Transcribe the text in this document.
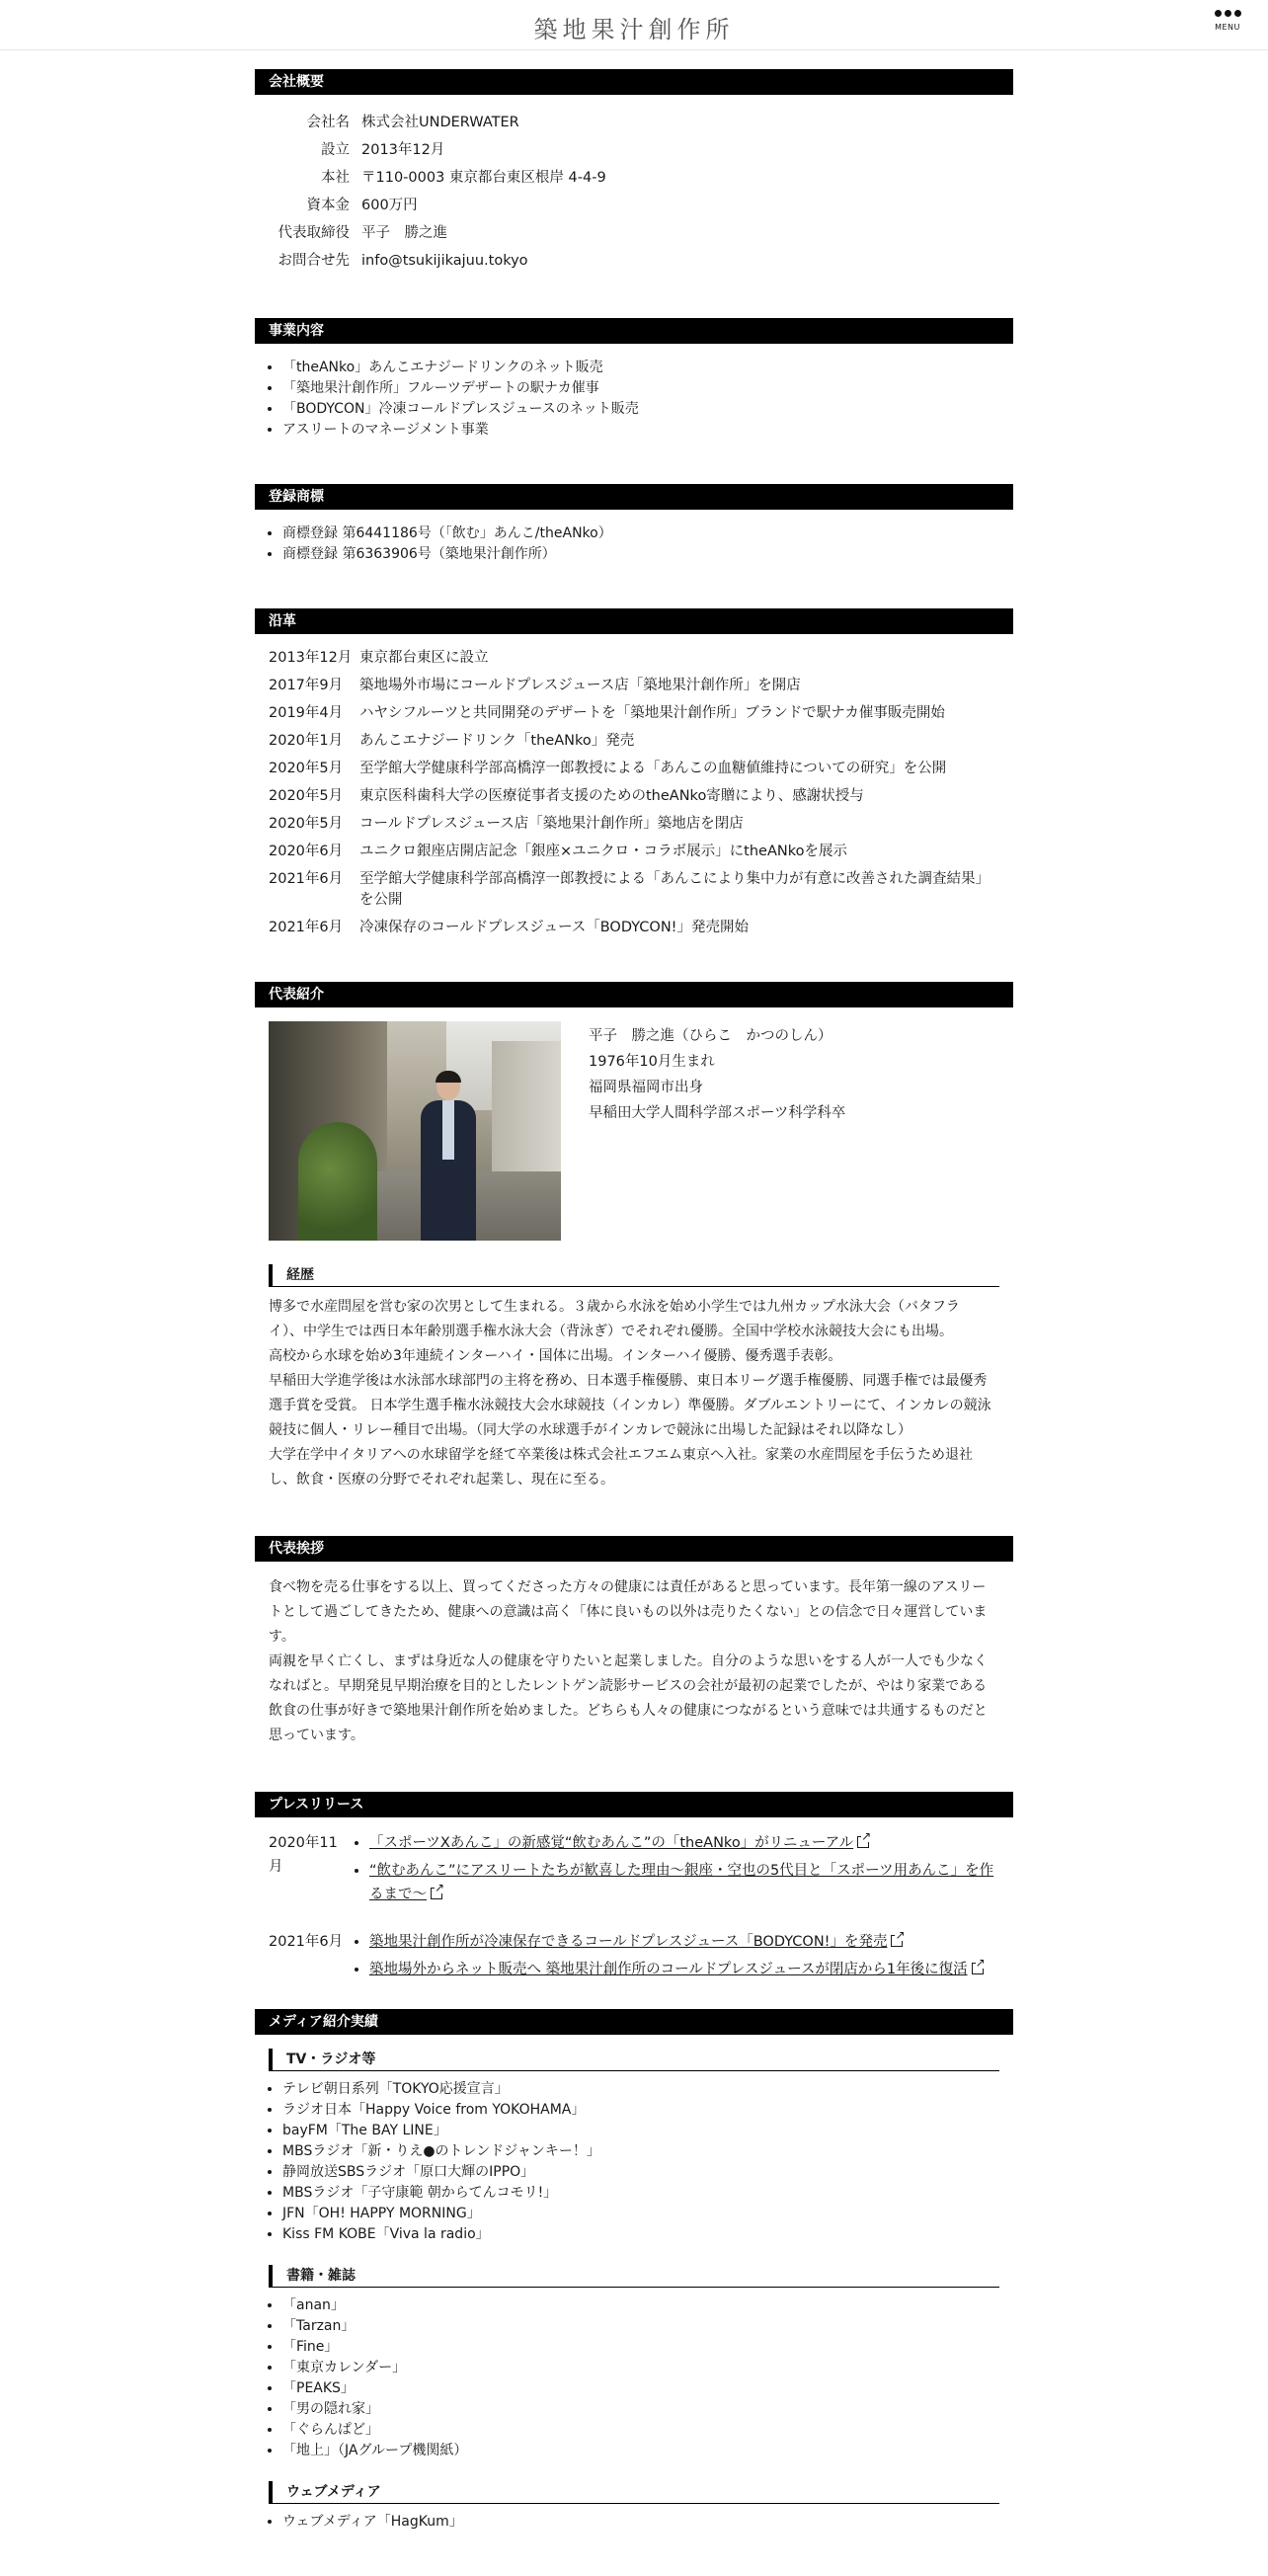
築地果汁創作所	MENU
会社概要
会社名 株式会社UNDERWATER
設立 2013年12月
本社 〒110-0003 東京都台東区根岸 4-4-9
資本金 600万円
代表取締役 平子　勝之進
お問合せ先 info@tsukijikajuu.tokyo
事業内容
• 「theANko」あんこエナジードリンクのネット販売
• 「築地果汁創作所」フルーツデザートの駅ナカ催事
• 「BODYCON」冷凍コールドプレスジュースのネット販売
• アスリートのマネージメント事業
登録商標
• 商標登録 第6441186号（「飲む」あんこ/theANko）
• 商標登録 第6363906号（築地果汁創作所）
沿革
2013年12月 東京都台東区に設立
2017年9月	築地場外市場にコールドプレスジュース店「築地果汁創作所」を開店
2019年4月	ハヤシフルーツと共同開発のデザートを「築地果汁創作所」ブランドで駅ナカ催事販売開始
2020年1月	あんこエナジードリンク「theANko」発売
2020年5月	至学館大学健康科学部高橋淳一郎教授による「あんこの血糖値維持についての研究」を公開
2020年5月	東京医科歯科大学の医療従事者支援のためのtheANko寄贈により、感謝状授与
2020年5月	コールドプレスジュース店「築地果汁創作所」築地店を閉店
2020年6月	ユニクロ銀座店開店記念「銀座×ユニクロ・コラボ展示」にtheANkoを展示
2021年6月	至学館大学健康科学部高橋淳一郎教授による「あんこにより集中力が有意に改善された調査結果」を公開
2021年6月	冷凍保存のコールドプレスジュース「BODYCON!」発売開始
代表紹介
平子　勝之進（ひらこ　かつのしん）
1976年10月生まれ
福岡県福岡市出身
早稲田大学人間科学部スポーツ科学科卒
経歴

博多で水産問屋を営む家の次男として生まれる。３歳から水泳を始め小学生では九州カップ水泳大会（バタフライ）、中学生では西日本年齢別選手権水泳大会（背泳ぎ）でそれぞれ優勝。全国中学校水泳競技大会にも出場。

高校から水球を始め3年連続インターハイ・国体に出場。インターハイ優勝、優秀選手表彰。

早稲田大学進学後は水泳部水球部門の主将を務め、日本選手権優勝、東日本リーグ選手権優勝、同選手権では最優秀選手賞を受賞。 日本学生選手権水泳競技大会水球競技（インカレ）準優勝。ダブルエントリーにて、インカレの競泳競技に個人・リレー種目で出場。（同大学の水球選手がインカレで競泳に出場した記録はそれ以降なし）

大学在学中イタリアへの水球留学を経て卒業後は株式会社エフエム東京へ入社。家業の水産問屋を手伝うため退社し、飲食・医療の分野でそれぞれ起業し、現在に至る。

代表挨拶

食べ物を売る仕事をする以上、買ってくださった方々の健康には責任があると思っています。長年第一線のアスリートとして過ごしてきたため、健康への意識は高く「体に良いもの以外は売りたくない」との信念で日々運営しています。

両親を早く亡くし、まずは身近な人の健康を守りたいと起業しました。自分のような思いをする人が一人でも少なくなればと。早期発見早期治療を目的としたレントゲン読影サービスの会社が最初の起業でしたが、やはり家業である飲食の仕事が好きで築地果汁創作所を始めました。どちらも人々の健康につながるという意味では共通するものだと思っています。

プレスリリース
2020年11月
• 「スポーツXあんこ」の新感覚“飲むあんこ”の「theANko」がリニューアル↗
• “飲むあんこ”にアスリートたちが歓喜した理由～銀座・空也の5代目と「スポーツ用あんこ」を作るまで～↗
2021年6月
•	築地果汁創作所が冷凍保存できるコールドプレスジュース「BODYCON!」を発売↗
• 築地場外からネット販売へ 築地果汁創作所のコールドプレスジュースが閉店から1年後に復活↗
メディア紹介実績
TV・ラジオ等
• テレビ朝日系列「TOKYO応援宣言」
• ラジオ日本「Happy Voice from YOKOHAMA」
• bayFM「The BAY LINE」
• MBSラジオ「新・りえ●のトレンドジャンキー！」
• 静岡放送SBSラジオ「原口大輝のIPPO」
• MBSラジオ「子守康範 朝からてんコモリ!」
• JFN「OH! HAPPY MORNING」
• Kiss FM KOBE「Viva la radio」
書籍・雑誌
• 「anan」
• 「Tarzan」
• 「Fine」
• 「東京カレンダー」
• 「PEAKS」
• 「男の隠れ家」
• 「ぐらんぱど」
• 「地上」（JAグループ機関紙）
ウェブメディア
• ウェブメディア「HagKum」
